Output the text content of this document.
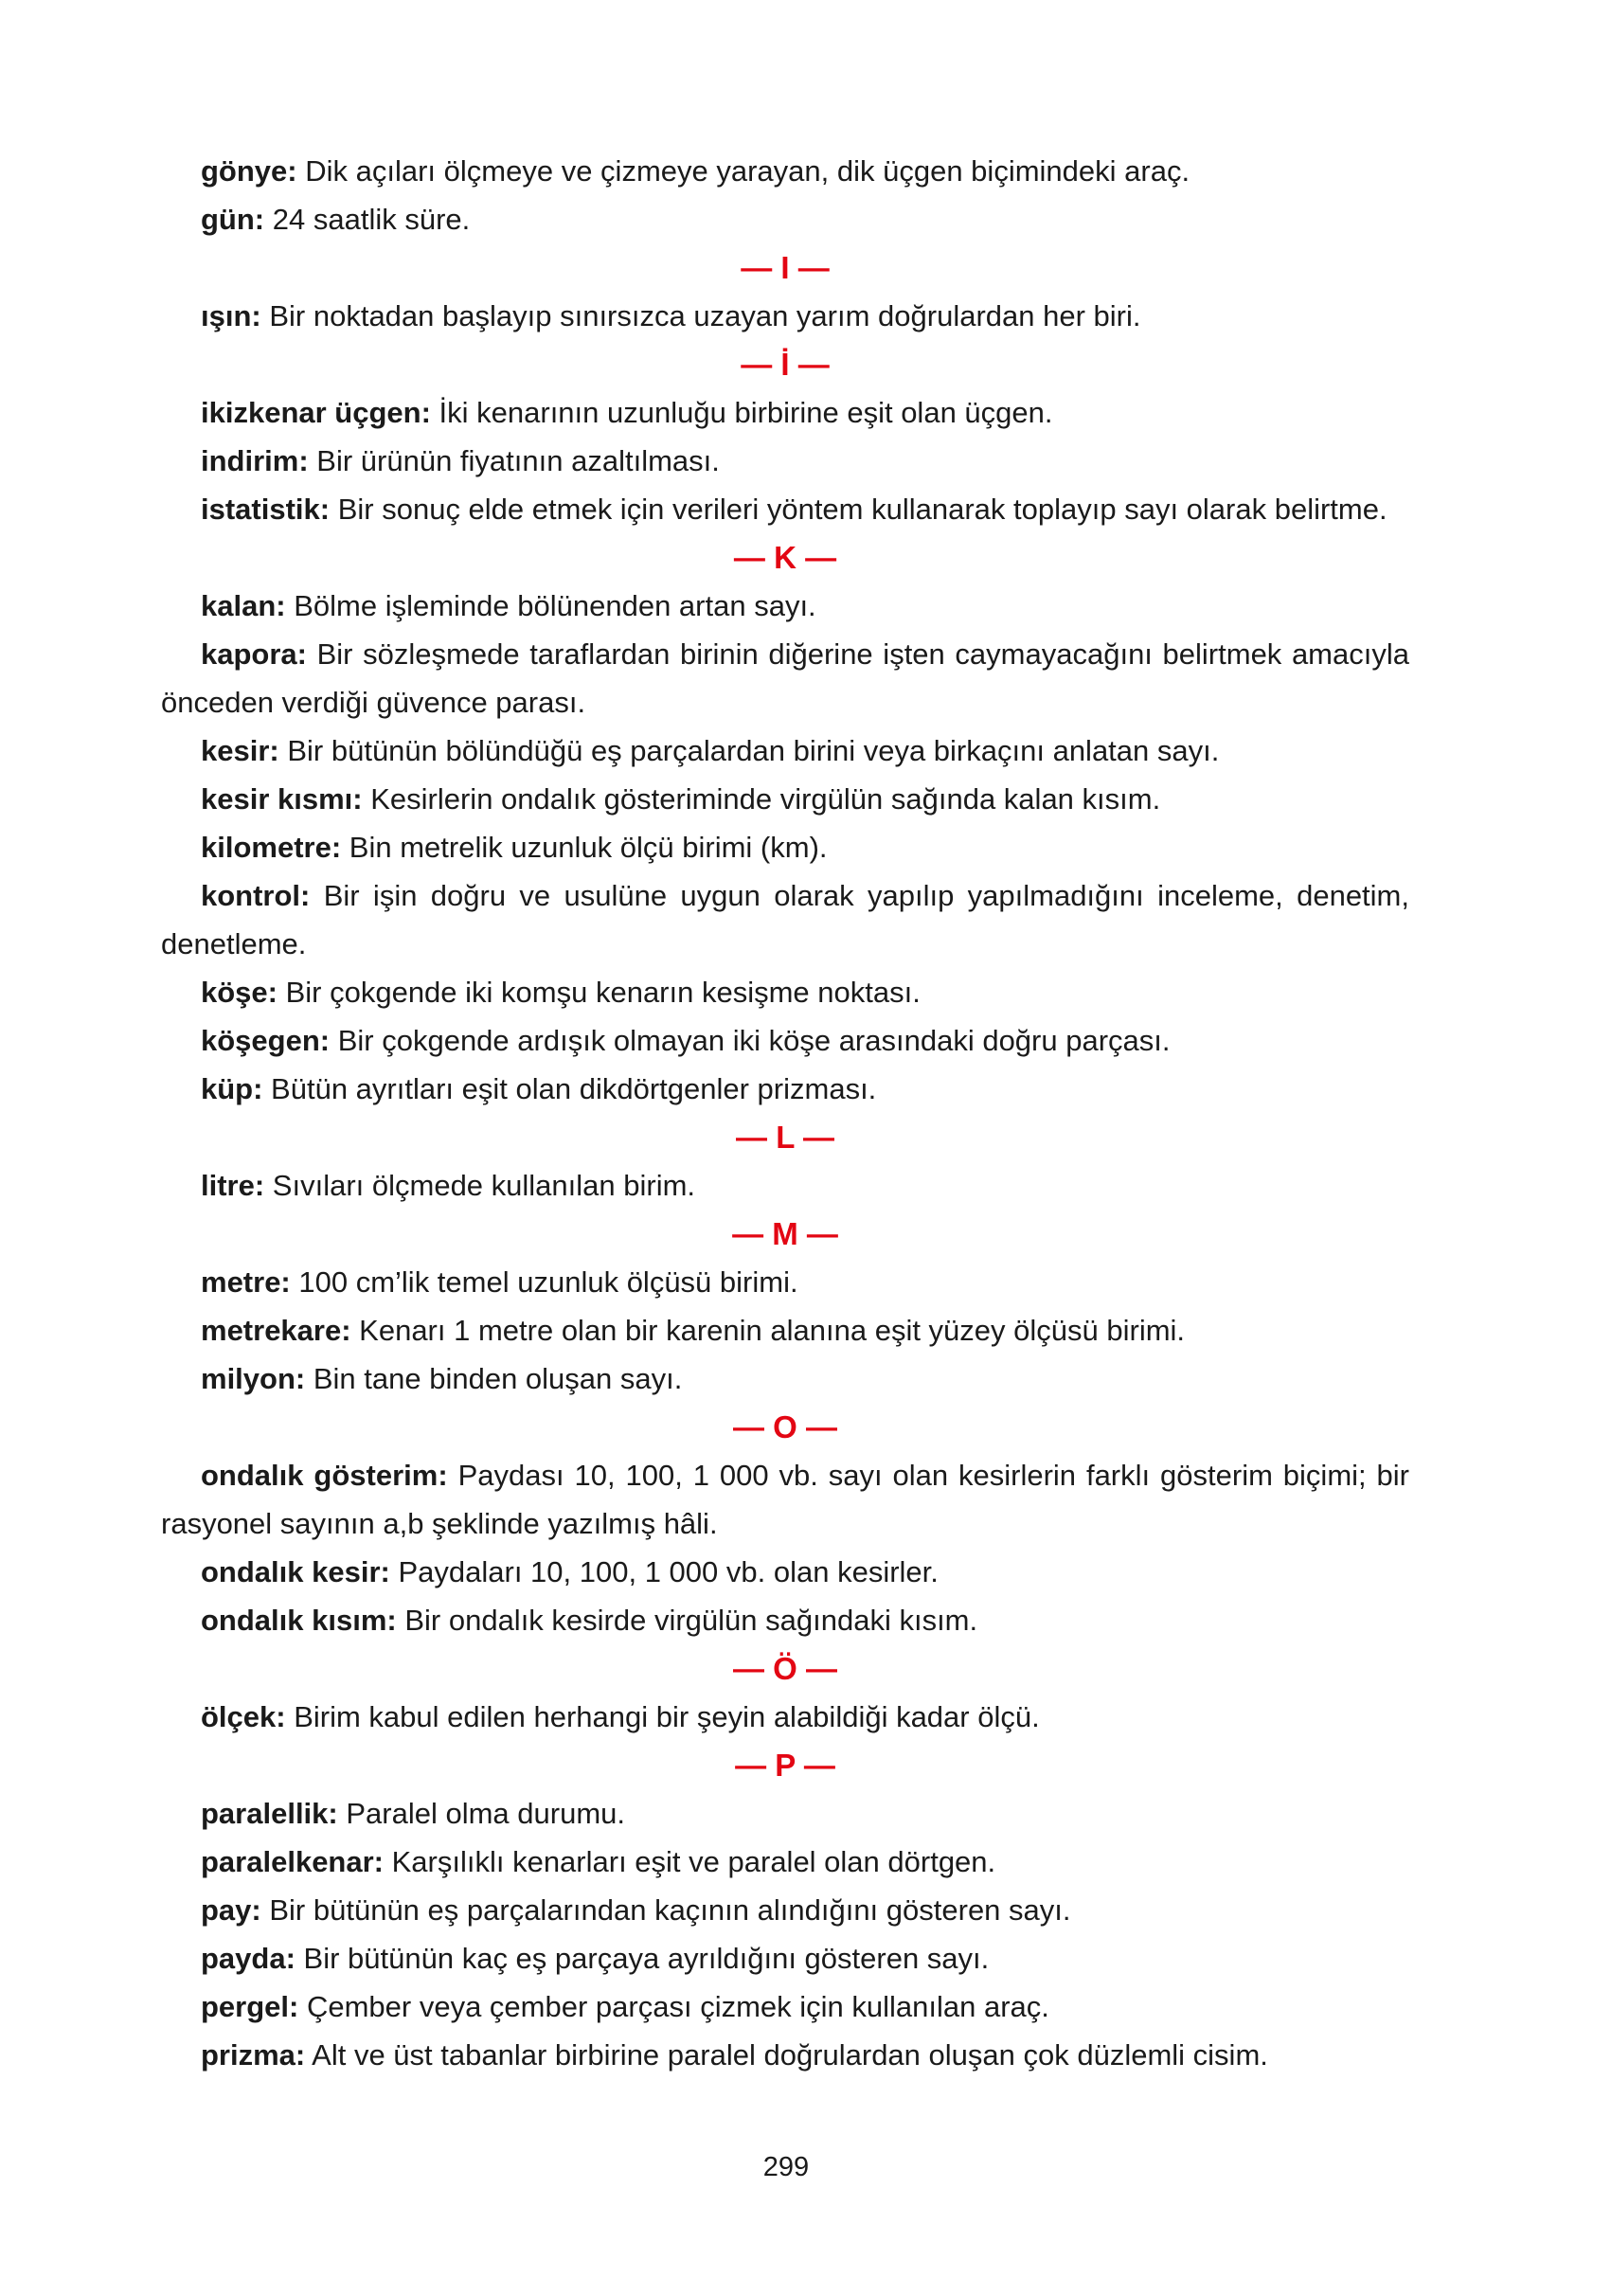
gönye: Dik açıları ölçmeye ve çizmeye yarayan, dik üçgen biçimindeki araç.

gün: 24 saatlik süre.

— I —

ışın: Bir noktadan başlayıp sınırsızca uzayan yarım doğrulardan her biri.

— İ —

ikizkenar üçgen: İki kenarının uzunluğu birbirine eşit olan üçgen.

indirim: Bir ürünün fiyatının azaltılması.

istatistik: Bir sonuç elde etmek için verileri yöntem kullanarak toplayıp sayı olarak belirtme.

— K —

kalan: Bölme işleminde bölünenden artan sayı.

kapora: Bir sözleşmede taraflardan birinin diğerine işten caymayacağını belirtmek amacıyla önceden verdiği güvence parası.

kesir: Bir bütünün bölündüğü eş parçalardan birini veya birkaçını anlatan sayı.

kesir kısmı: Kesirlerin ondalık gösteriminde virgülün sağında kalan kısım.

kilometre: Bin metrelik uzunluk ölçü birimi (km).

kontrol: Bir işin doğru ve usulüne uygun olarak yapılıp yapılmadığını inceleme, denetim, denetleme.

köşe: Bir çokgende iki komşu kenarın kesişme noktası.

köşegen: Bir çokgende ardışık olmayan iki köşe arasındaki doğru parçası.

küp: Bütün ayrıtları eşit olan dikdörtgenler prizması.

— L —

litre: Sıvıları ölçmede kullanılan birim.

— M —

metre: 100 cm’lik temel uzunluk ölçüsü birimi.

metrekare: Kenarı 1 metre olan bir karenin alanına eşit yüzey ölçüsü birimi.

milyon: Bin tane binden oluşan sayı.

— O —

ondalık gösterim: Paydası 10, 100, 1 000 vb. sayı olan kesirlerin farklı gösterim biçimi; bir rasyonel sayının a,b şeklinde yazılmış hâli.

ondalık kesir: Paydaları 10, 100, 1 000 vb. olan kesirler.

ondalık kısım: Bir ondalık kesirde virgülün sağındaki kısım.

— Ö —

ölçek: Birim kabul edilen herhangi bir şeyin alabildiği kadar ölçü.

— P —

paralellik: Paralel olma durumu.

paralelkenar: Karşılıklı kenarları eşit ve paralel olan dörtgen.

pay: Bir bütünün eş parçalarından kaçının alındığını gösteren sayı.

payda: Bir bütünün kaç eş parçaya ayrıldığını gösteren sayı.

pergel: Çember veya çember parçası çizmek için kullanılan araç.

prizma: Alt ve üst tabanlar birbirine paralel doğrulardan oluşan çok düzlemli cisim.

299
